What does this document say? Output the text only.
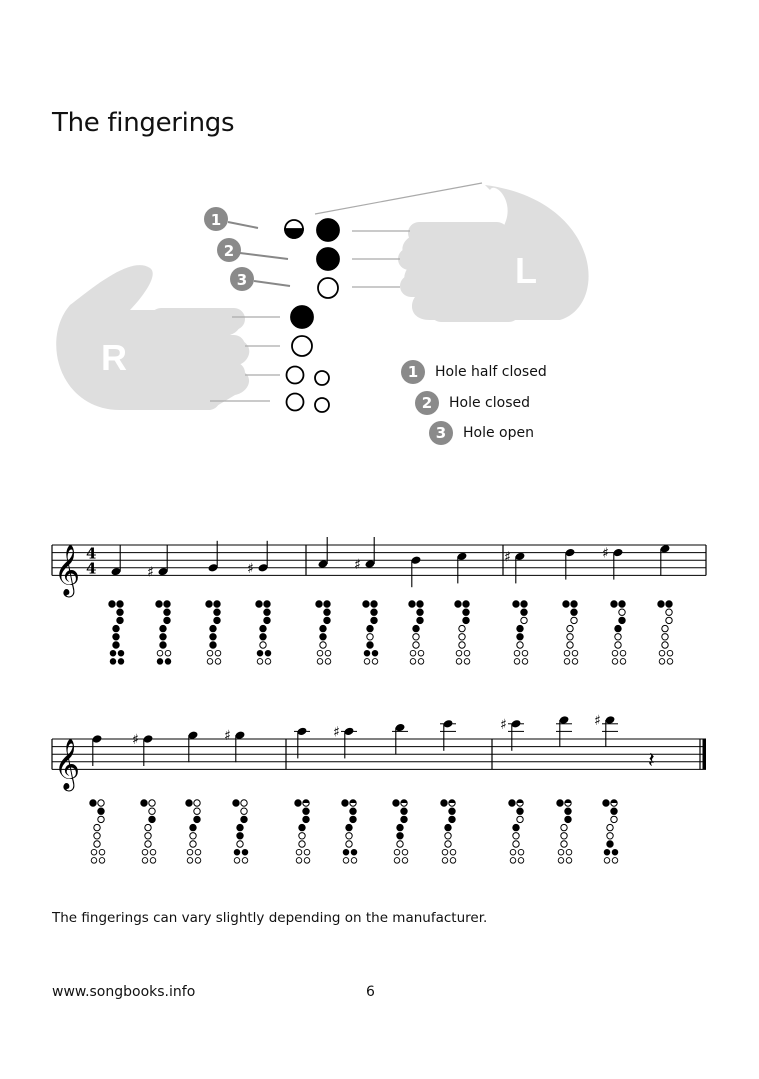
The fingerings
L
R
1
2
3
𝄞 4
4	♯	♯	♯	♯	♯
𝄞	♯	♯	♯	♯	♯
𝄽
1	Hole half closed
2	Hole closed
3	Hole open
The fingerings can vary slightly depending on the manufacturer.
www.songbooks.info	6
